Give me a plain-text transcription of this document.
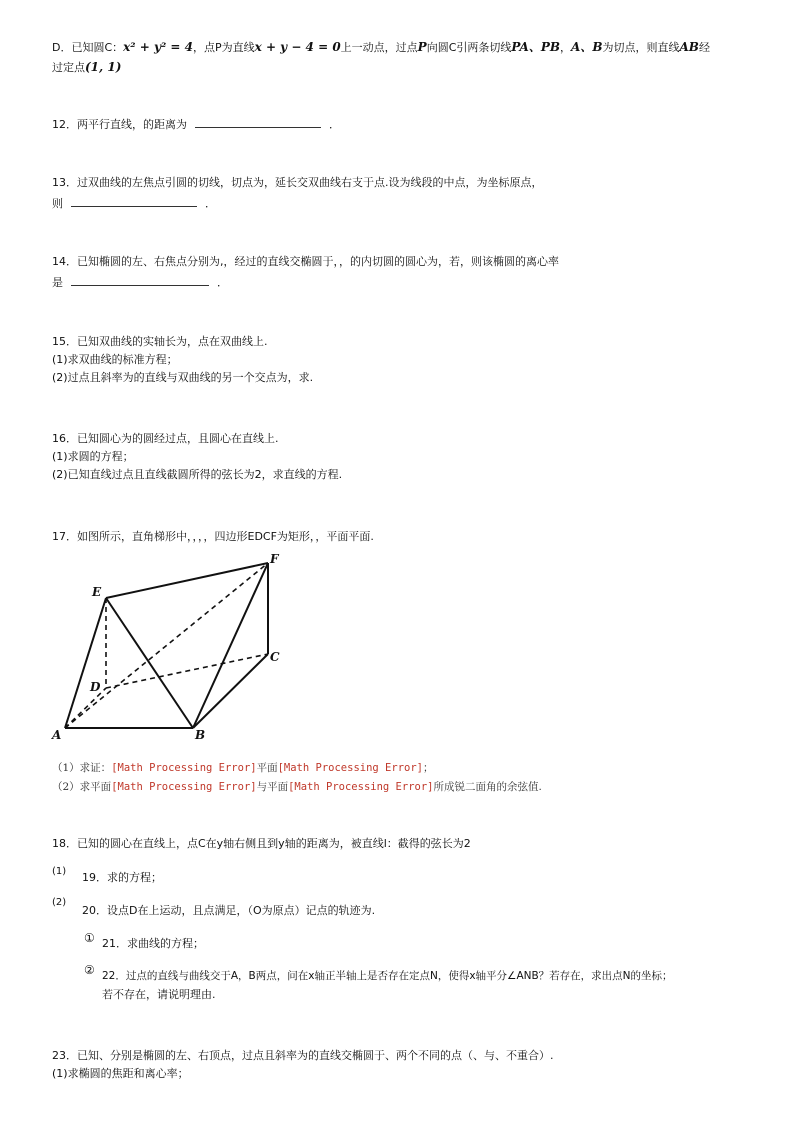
D．已知圆C：x² + y² = 4，点P为直线x + y − 4 = 0上一动点，过点P向圆C引两条切线PA、PB，A、B为切点，则直线AB经
过定点(1, 1)
12．两平行直线，的距离为	．
13．过双曲线的左焦点引圆的切线，切点为，延长交双曲线右支于点.设为线段的中点，为坐标原点，
则	．
14．已知椭圆的左、右焦点分别为,，经过的直线交椭圆于，，的内切圆的圆心为，若，则该椭圆的离心率
是	．
15．已知双曲线的实轴长为，点在双曲线上.
(1)求双曲线的标准方程；
(2)过点且斜率为的直线与双曲线的另一个交点为，求.
16．已知圆心为的圆经过点，且圆心在直线上.
(1)求圆的方程；
(2)已知直线过点且直线截圆所得的弦长为2，求直线的方程.
17．如图所示，直角梯形中，，，，四边形EDCF为矩形，，平面平面.
A	B
C
D
E
F
（1）求证：[Math Processing Error]平面[Math Processing Error]；
（2）求平面[Math Processing Error]与平面[Math Processing Error]所成锐二面角的余弦值.
18．已知的圆心在直线上，点C在y轴右侧且到y轴的距离为，被直线l：截得的弦长为2
(1) 19．求的方程；
(2)
20．设点D在上运动，且点满足，（O为原点）记点的轨迹为.
① 21．求曲线的方程；
② 22．过点的直线与曲线交于A，B两点，问在x轴正半轴上是否存在定点N，使得x轴平分∠ANB？若存在，求出点N的坐标；
若不存在，请说明理由.
23．已知、分别是椭圆的左、右顶点，过点且斜率为的直线交椭圆于、两个不同的点（、与、不重合）.
(1)求椭圆的焦距和离心率；
